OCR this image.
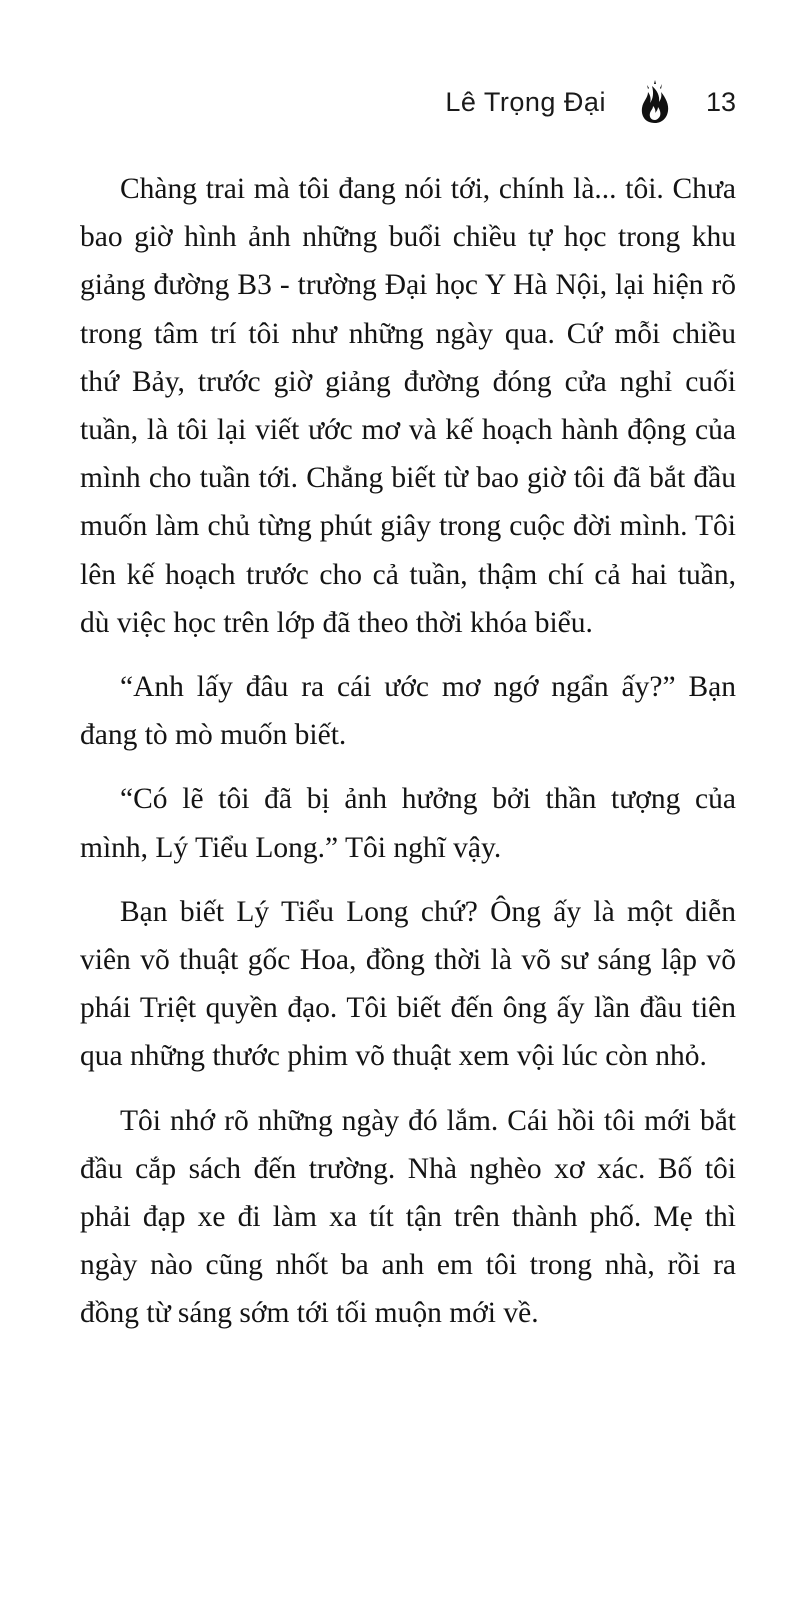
Lê Trọng Đại	13

Chàng trai mà tôi đang nói tới, chính là... tôi. Chưa bao giờ hình ảnh những buổi chiều tự học trong khu giảng đường B3 - trường Đại học Y Hà Nội, lại hiện rõ trong tâm trí tôi như những ngày qua. Cứ mỗi chiều thứ Bảy, trước giờ giảng đường đóng cửa nghỉ cuối tuần, là tôi lại viết ước mơ và kế hoạch hành động của mình cho tuần tới. Chẳng biết từ bao giờ tôi đã bắt đầu muốn làm chủ từng phút giây trong cuộc đời mình. Tôi lên kế hoạch trước cho cả tuần, thậm chí cả hai tuần, dù việc học trên lớp đã theo thời khóa biểu.

“Anh lấy đâu ra cái ước mơ ngớ ngẩn ấy?” Bạn đang tò mò muốn biết.

“Có lẽ tôi đã bị ảnh hưởng bởi thần tượng của mình, Lý Tiểu Long.” Tôi nghĩ vậy.

Bạn biết Lý Tiểu Long chứ? Ông ấy là một diễn viên võ thuật gốc Hoa, đồng thời là võ sư sáng lập võ phái Triệt quyền đạo. Tôi biết đến ông ấy lần đầu tiên qua những thước phim võ thuật xem vội lúc còn nhỏ.

Tôi nhớ rõ những ngày đó lắm. Cái hồi tôi mới bắt đầu cắp sách đến trường. Nhà nghèo xơ xác. Bố tôi phải đạp xe đi làm xa tít tận trên thành phố. Mẹ thì ngày nào cũng nhốt ba anh em tôi trong nhà, rồi ra đồng từ sáng sớm tới tối muộn mới về.
